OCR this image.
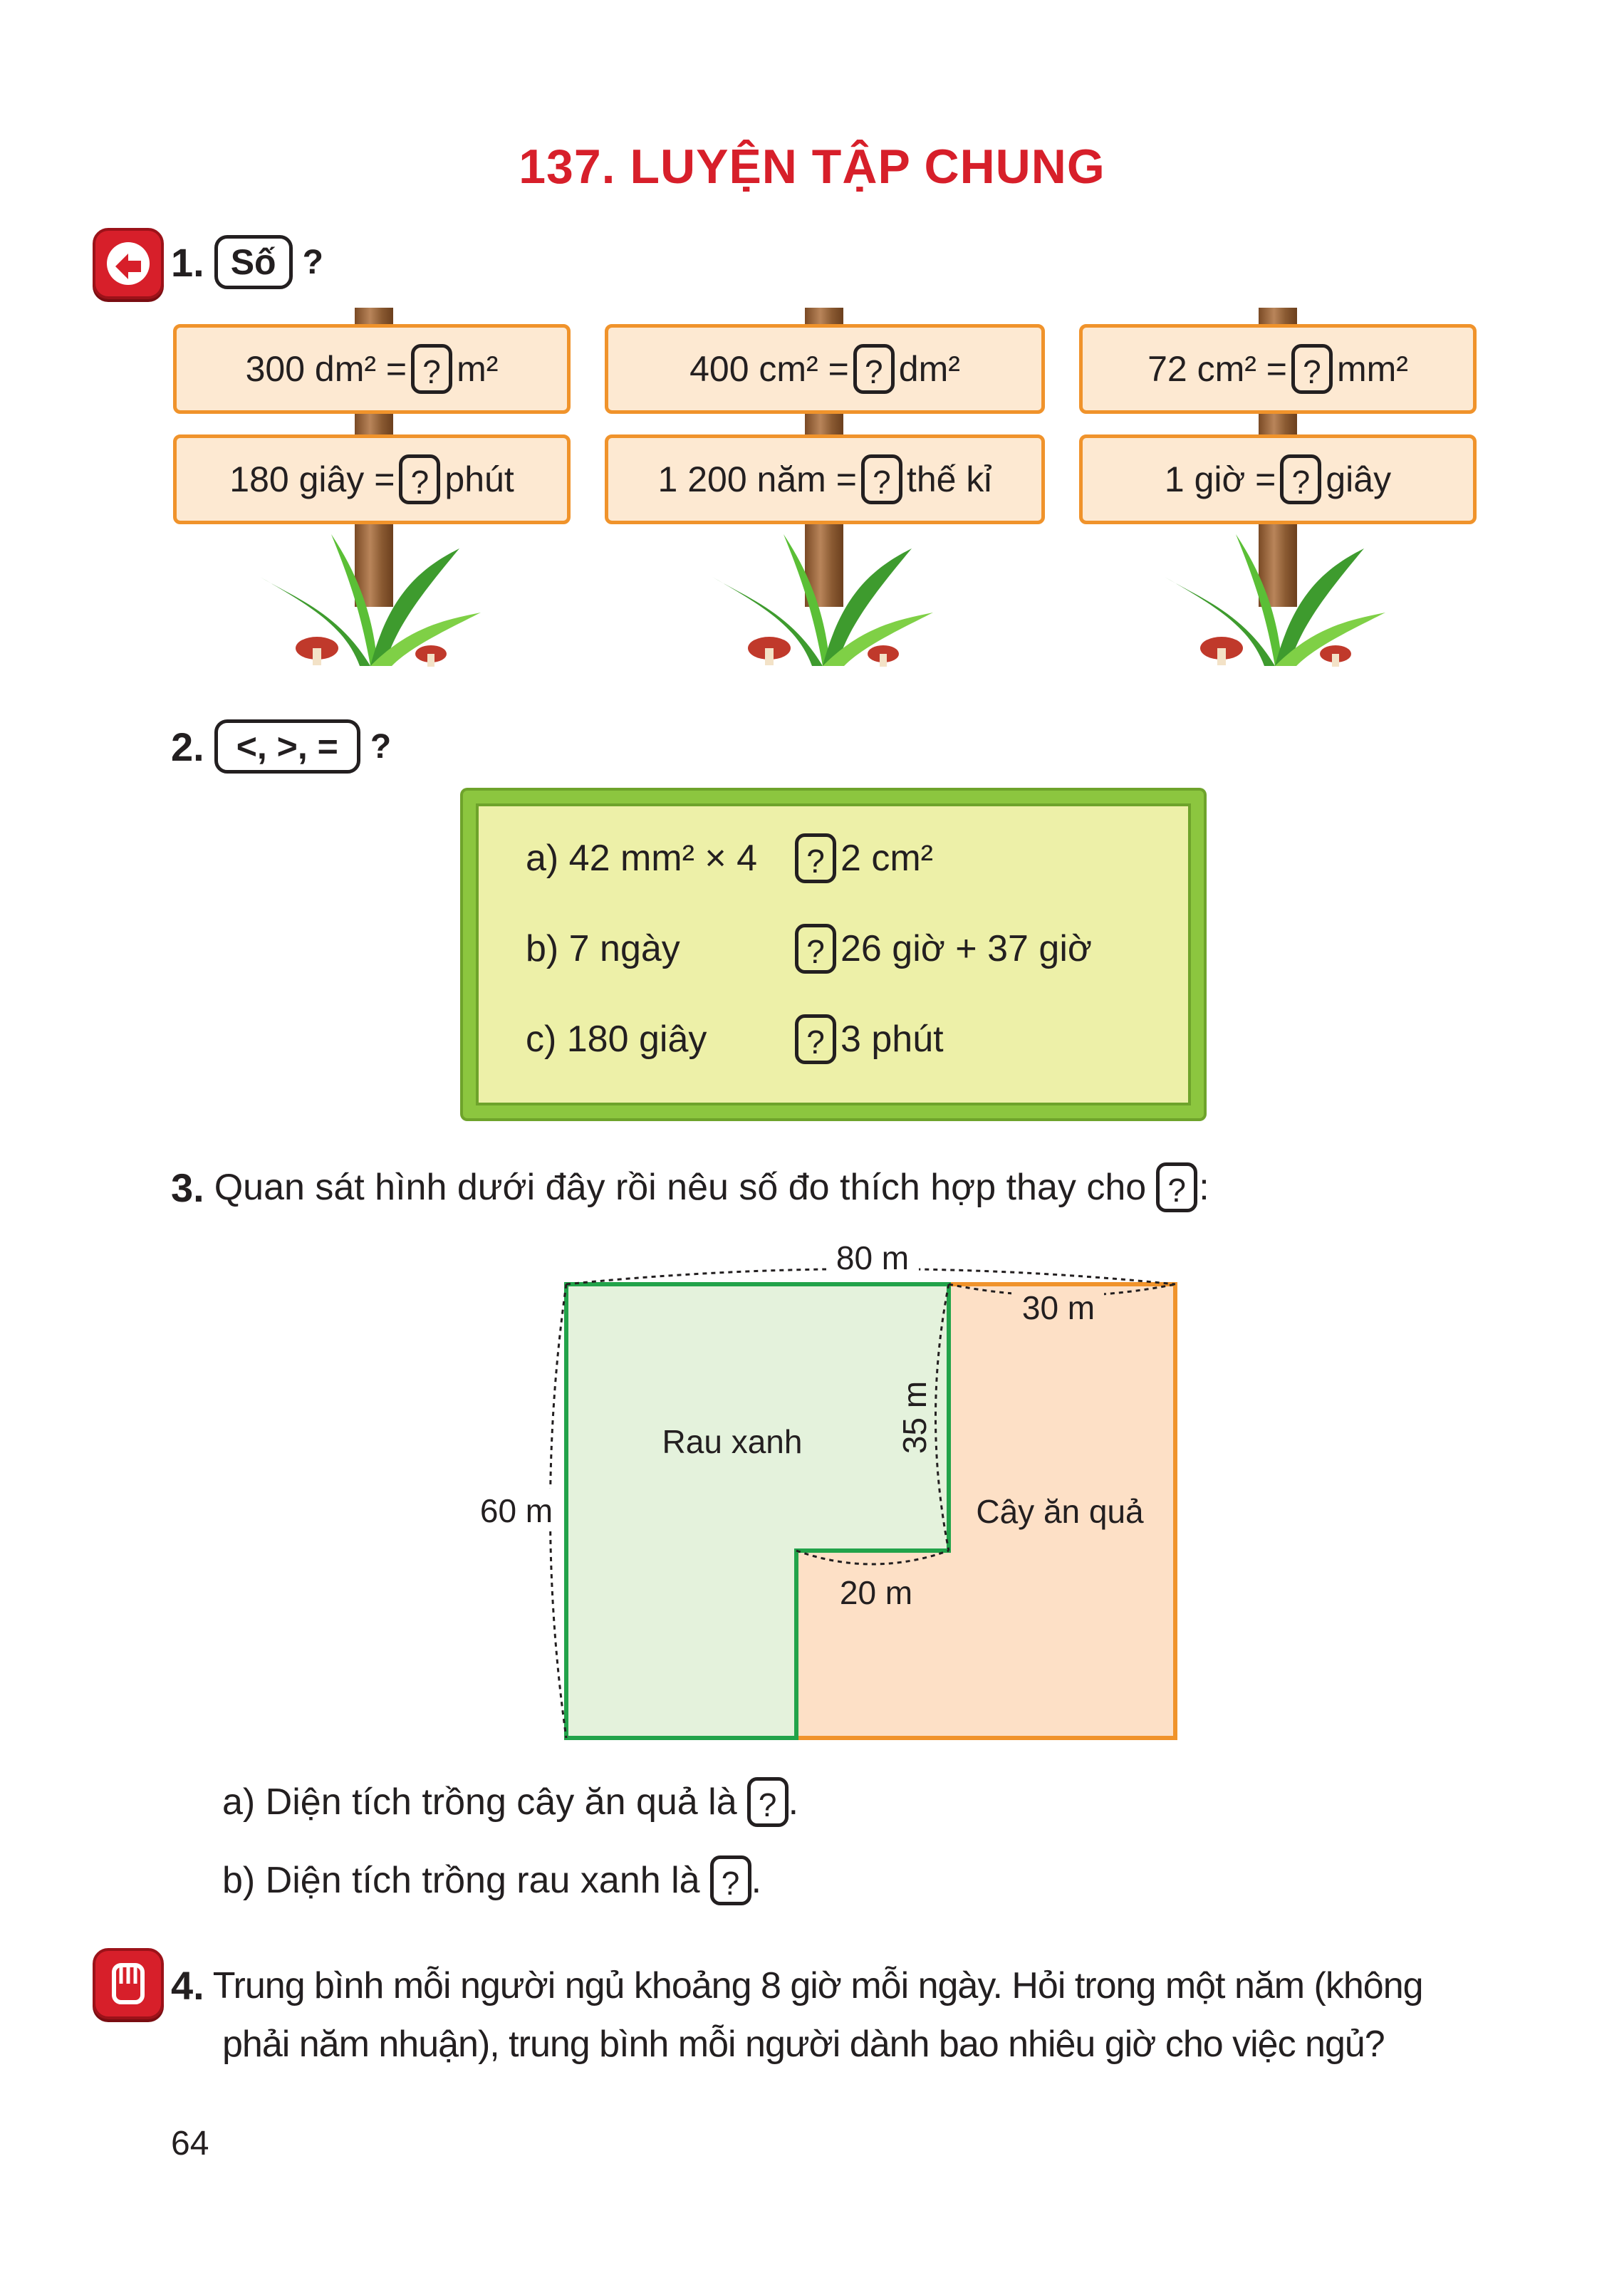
137. LUYỆN TẬP CHUNG
1. Số ?
300 dm² = ? m²	400 cm² = ? dm²	72 cm² = ? mm²
180 giây = ? phút	1 200 năm = ? thế kỉ	1 giờ = ? giây
2. <, >, = ?
a) 42 mm² × 4	? 2 cm²
b) 7 ngày	? 26 giờ + 37 giờ
c) 180 giây	? 3 phút
3. Quan sát hình dưới đây rồi nêu số đo thích hợp thay cho ? :
80 m
30 m
60 m
35 m
20 m
Rau xanh
Cây ăn quả
a) Diện tích trồng cây ăn quả là ? .
b) Diện tích trồng rau xanh là ? .
4. Trung bình mỗi người ngủ khoảng 8 giờ mỗi ngày. Hỏi trong một năm (không
phải năm nhuận), trung bình mỗi người dành bao nhiêu giờ cho việc ngủ?
64
